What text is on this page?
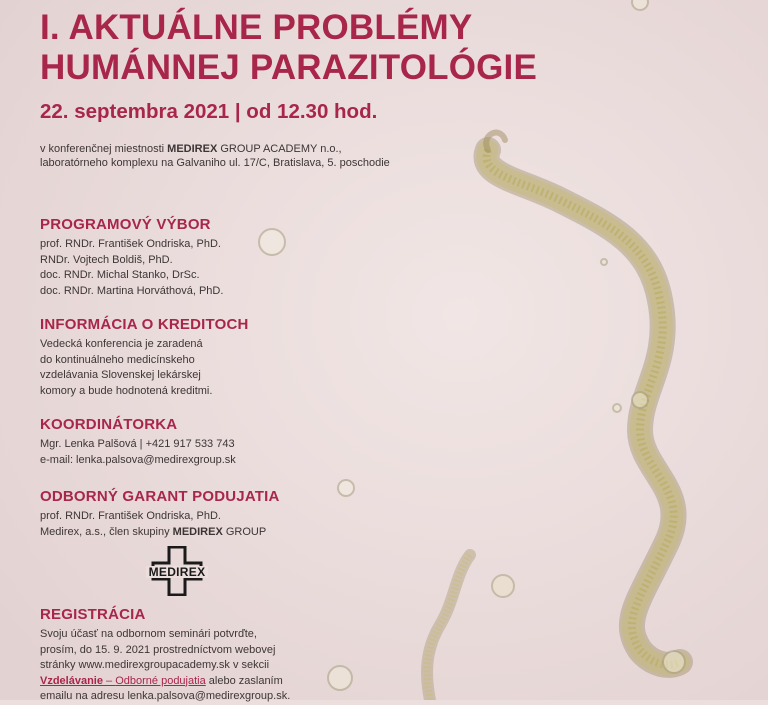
I. AKTUÁLNE PROBLÉMY
HUMÁNNEJ PARAZITOLÓGIE

22. septembra 2021 | od 12.30 hod.

v konferenčnej miestnosti MEDIREX GROUP ACADEMY n.o.,
laboratórneho komplexu na Galvaniho ul. 17/C, Bratislava, 5. poschodie

PROGRAMOVÝ VÝBOR
prof. RNDr. František Ondriska, PhD.
RNDr. Vojtech Boldiš, PhD.
doc. RNDr. Michal Stanko, DrSc.
doc. RNDr. Martina Horváthová, PhD.
INFORMÁCIA O KREDITOCH
Vedecká konferencia je zaradená
do kontinuálneho medicínskeho
vzdelávania Slovenskej lekárskej
komory a bude hodnotená kreditmi.
KOORDINÁTORKA
Mgr. Lenka Palšová | +421 917 533 743
e-mail: lenka.palsova@medirexgroup.sk
ODBORNÝ GARANT PODUJATIA
prof. RNDr. František Ondriska, PhD.
Medirex, a.s., člen skupiny MEDIREX GROUP
MEDIREX
REGISTRÁCIA
Svoju účasť na odbornom seminári potvrďte,
prosím, do 15. 9. 2021 prostredníctvom webovej
stránky www.medirexgroupacademy.sk v sekcii
Vzdelávanie – Odborné podujatia alebo zaslaním
emailu na adresu lenka.palsova@medirexgroup.sk.
